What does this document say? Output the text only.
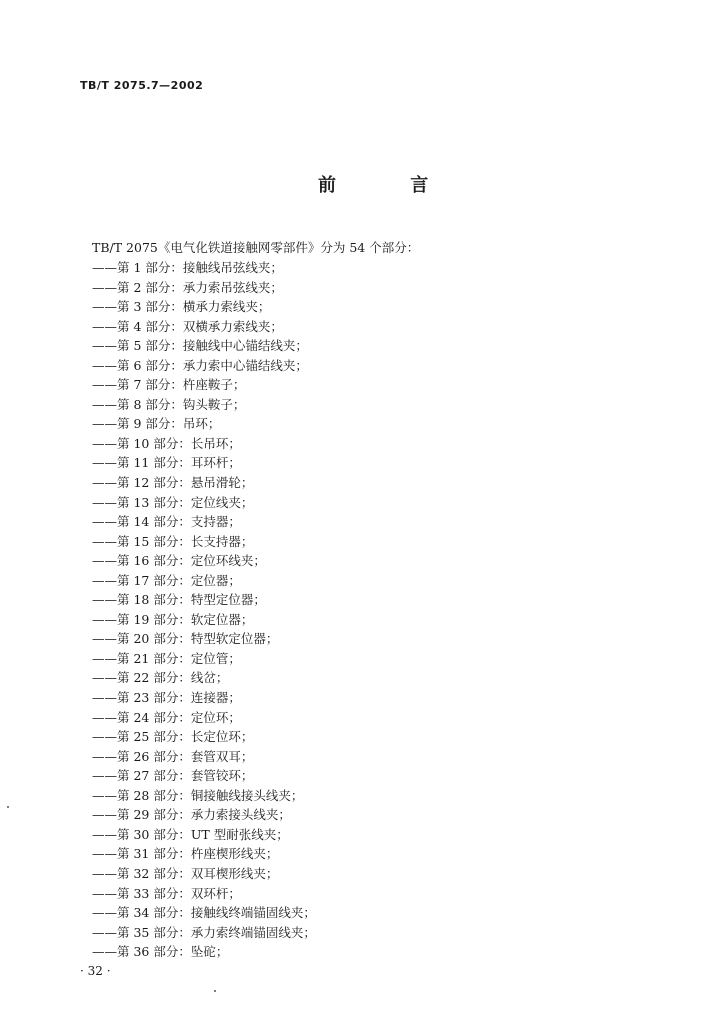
TB/T 2075.7—2002
前 言
TB/T 2075《电气化铁道接触网零部件》分为 54 个部分：
——第 1 部分：接触线吊弦线夹；
——第 2 部分：承力索吊弦线夹；
——第 3 部分：横承力索线夹；
——第 4 部分：双横承力索线夹；
——第 5 部分：接触线中心锚结线夹；
——第 6 部分：承力索中心锚结线夹；
——第 7 部分：杵座鞍子；
——第 8 部分：钩头鞍子；
——第 9 部分：吊环；
——第 10 部分：长吊环；
——第 11 部分：耳环杆；
——第 12 部分：悬吊滑轮；
——第 13 部分：定位线夹；
——第 14 部分：支持器；
——第 15 部分：长支持器；
——第 16 部分：定位环线夹；
——第 17 部分：定位器；
——第 18 部分：特型定位器；
——第 19 部分：软定位器；
——第 20 部分：特型软定位器；
——第 21 部分：定位管；
——第 22 部分：线岔；
——第 23 部分：连接器；
——第 24 部分：定位环；
——第 25 部分：长定位环；
——第 26 部分：套管双耳；
——第 27 部分：套管铰环；
——第 28 部分：铜接触线接头线夹；
——第 29 部分：承力索接头线夹；
——第 30 部分：UT 型耐张线夹；
——第 31 部分：杵座楔形线夹；
——第 32 部分：双耳楔形线夹；
——第 33 部分：双环杆；
——第 34 部分：接触线终端锚固线夹；
——第 35 部分：承力索终端锚固线夹；
——第 36 部分：坠砣；
· 32 ·
